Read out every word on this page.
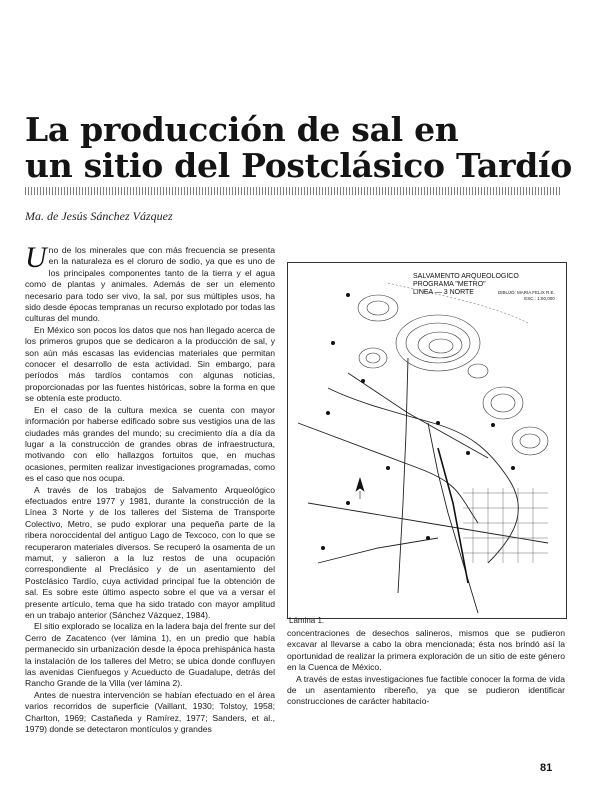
La producción de sal en
un sitio del Postclásico Tardío
Ma. de Jesús Sánchez Vázquez

Uno de los minerales que con más frecuencia se presenta en la naturaleza es el cloruro de sodio, ya que es uno de los principales componentes tanto de la tierra y el agua como de plantas y animales. Además de ser un elemento necesario para todo ser vivo, la sal, por sus múltiples usos, ha sido desde épocas tempranas un recurso explotado por todas las culturas del mundo.

En México son pocos los datos que nos han llegado acerca de los primeros grupos que se dedicaron a la producción de sal, y son aún más escasas las evidencias materiales que permitan conocer el desarrollo de esta actividad. Sin embargo, para períodos más tardíos contamos con algunas noticias, proporcionadas por las fuentes históricas, sobre la forma en que se obtenía este producto.

En el caso de la cultura mexica se cuenta con mayor información por haberse edificado sobre sus vestigios una de las ciudades más grandes del mundo; su crecimiento día a día da lugar a la construcción de grandes obras de infraestructura, motivando con ello hallazgos fortuitos que, en muchas ocasiones, permiten realizar investigaciones programadas, como es el caso que nos ocupa.

A través de los trabajos de Salvamento Arqueológico efectuados entre 1977 y 1981, durante la construcción de la Línea 3 Norte y de los talleres del Sistema de Transporte Colectivo, Metro, se pudo explorar una pequeña parte de la ribera noroccidental del antiguo Lago de Texcoco, con lo que se recuperaron materiales diversos. Se recuperó la osamenta de un mamut, y salieron a la luz restos de una ocupación correspondiente al Preclásico y de un asentamiento del Postclásico Tardío, cuya actividad principal fue la obtención de sal. Es sobre este último aspecto sobre el que va a versar el presente artículo, tema que ha sido tratado con mayor amplitud en un trabajo anterior (Sánchez Vázquez, 1984).

El sitio explorado se localiza en la ladera baja del frente sur del Cerro de Zacatenco (ver lámina 1), en un predio que había permanecido sin urbanización desde la época prehispánica hasta la instalación de los talleres del Metro; se ubica donde confluyen las avenidas Cienfuegos y Acueducto de Guadalupe, detrás del Rancho Grande de la Villa (ver lámina 2).

Antes de nuestra intervención se habían efectuado en el área varios recorridos de superficie (Vaillant, 1930; Tolstoy, 1958; Charlton, 1969; Castañeda y Ramírez, 1977; Sanders, et al., 1979) donde se detectaron montículos y grandes

SALVAMENTO ARQUEOLOGICO
PROGRAMA "METRO"
LINEA — 3 NORTE	DIBUJÓ: MARIA FELIX R.E.
ESC.: 1:60,000
Lámina 1.

concentraciones de desechos salineros, mismos que se pudieron excavar al llevarse a cabo la obra mencionada; ésta nos brindó así la oportunidad de realizar la primera exploración de un sitio de este género en la Cuenca de México.

A través de estas investigaciones fue factible conocer la forma de vida de un asentamiento ribereño, ya que se pudieron identificar construcciones de carácter habitacio-

81
